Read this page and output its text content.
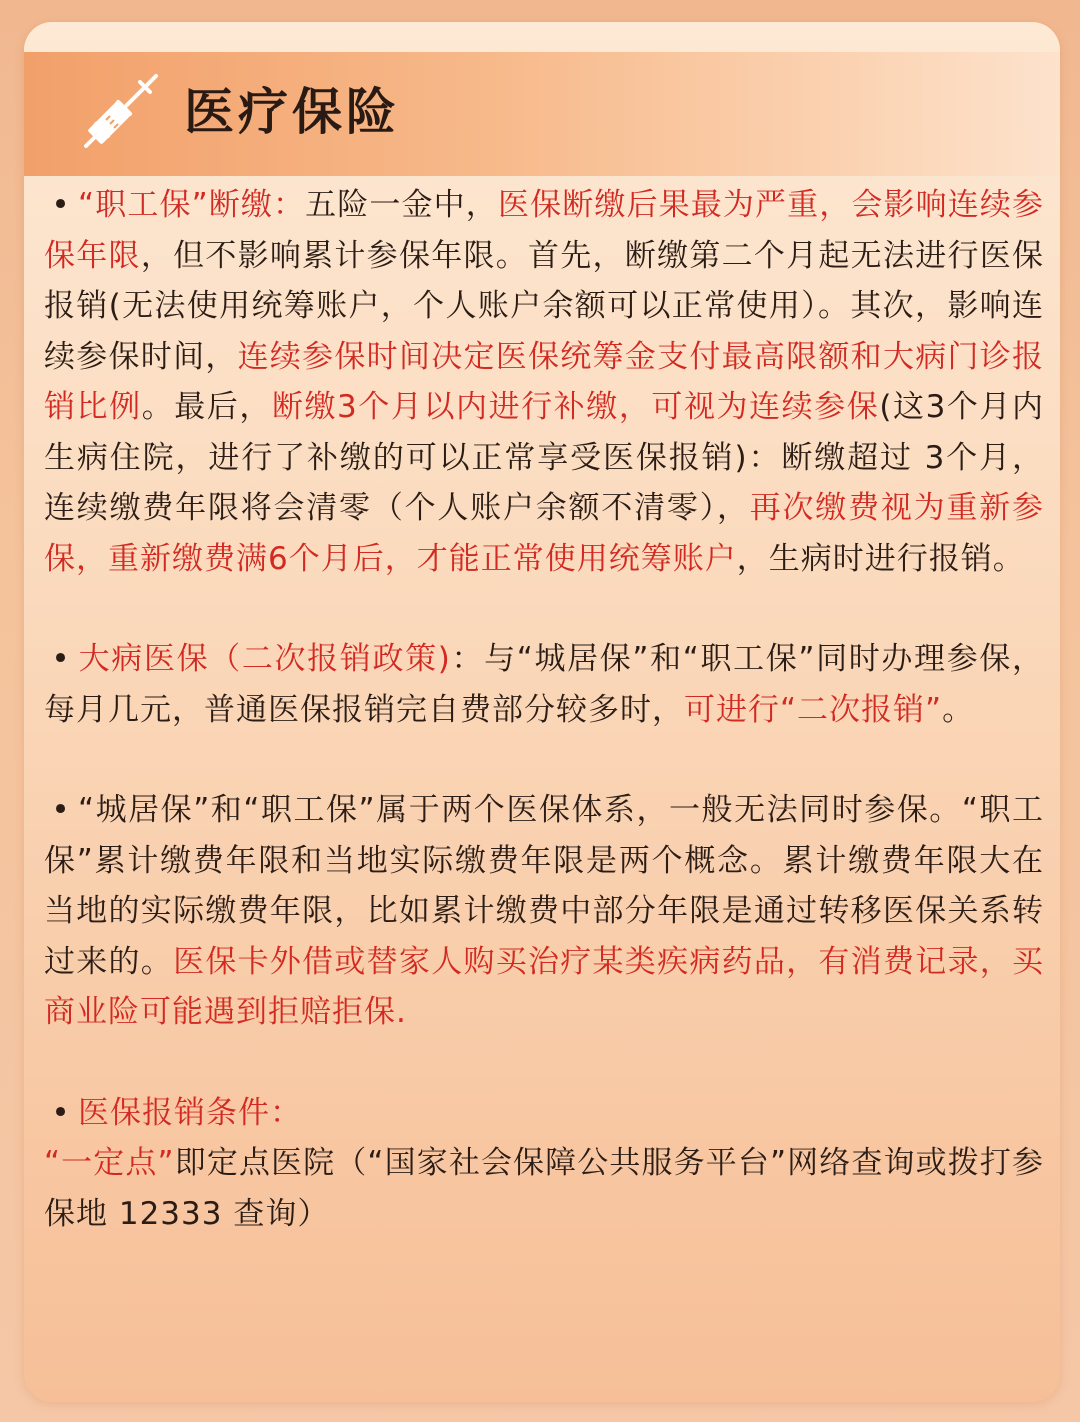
医疗保险

• “职工保”断缴：五险一金中，医保断缴后果最为严重，会影响连续参保年限，但不影响累计参保年限。首先，断缴第二个月起无法进行医保报销(无法使用统筹账户，个人账户余额可以正常使用）。其次，影响连续参保时间，连续参保时间决定医保统筹金支付最高限额和大病门诊报销比例。最后，断缴3个月以内进行补缴，可视为连续参保(这3个月内生病住院，进行了补缴的可以正常享受医保报销)：断缴超过 3个月，连续缴费年限将会清零（个人账户余额不清零），再次缴费视为重新参保，重新缴费满6个月后，才能正常使用统筹账户，生病时进行报销。

• 大病医保（二次报销政策)：与“城居保”和“职工保”同时办理参保，每月几元，普通医保报销完自费部分较多时，可进行“二次报销”。

• “城居保”和“职工保”属于两个医保体系，一般无法同时参保。“职工保”累计缴费年限和当地实际缴费年限是两个概念。累计缴费年限大在当地的实际缴费年限，比如累计缴费中部分年限是通过转移医保关系转过来的。医保卡外借或替家人购买治疗某类疾病药品，有消费记录，买商业险可能遇到拒赔拒保.

• 医保报销条件：
“一定点”即定点医院（“国家社会保障公共服务平台”网络查询或拨打参保地 12333 查询）
